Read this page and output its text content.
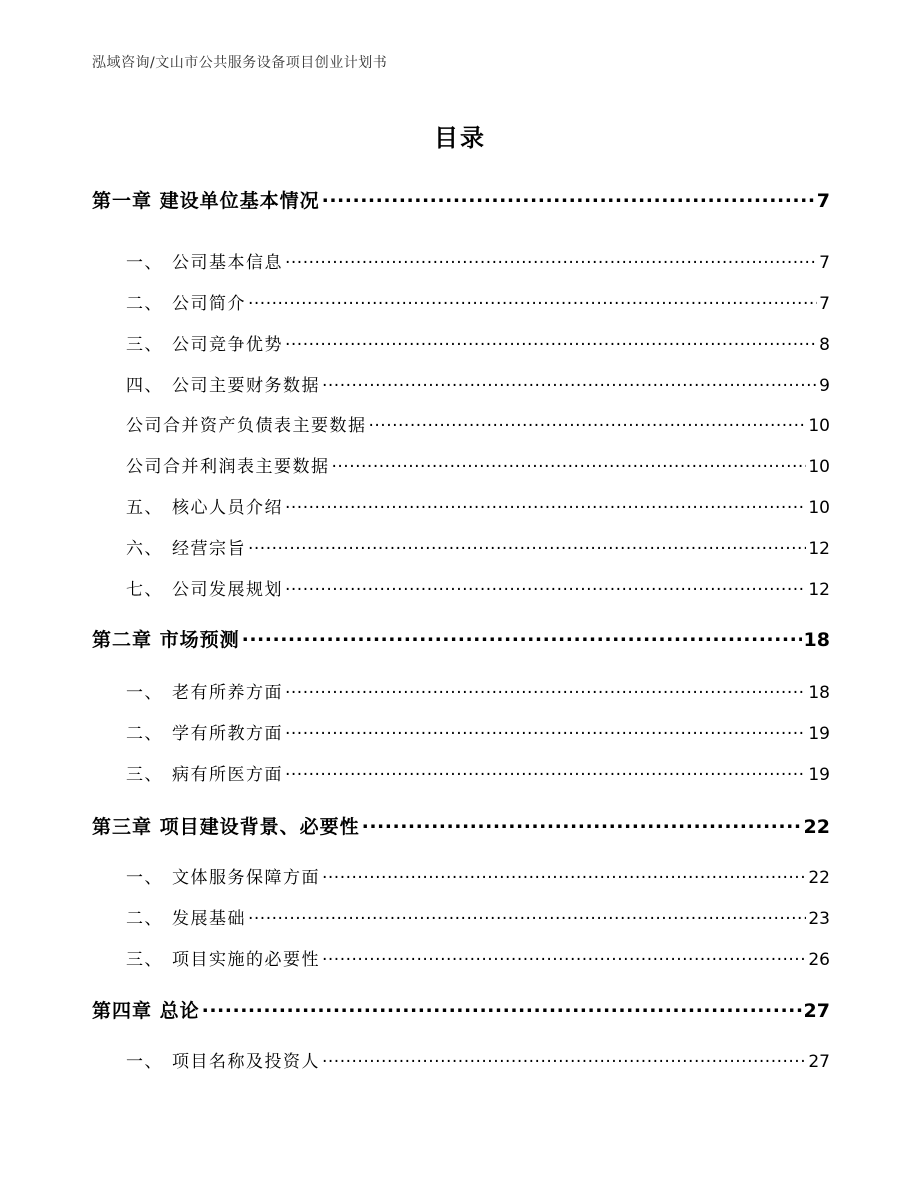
泓域咨询/文山市公共服务设备项目创业计划书
目录
第一章 建设单位基本情况 .....	7
一、 公司基本信息 .....	7
二、 公司简介 .....	7
三、 公司竞争优势 .....	8
四、 公司主要财务数据 .....	9
公司合并资产负债表主要数据 .....	10
公司合并利润表主要数据 .....	10
五、 核心人员介绍 .....	10
六、 经营宗旨 .....	12
七、 公司发展规划 .....	12
第二章 市场预测 .....	18
一、 老有所养方面 .....	18
二、 学有所教方面 .....	19
三、 病有所医方面 .....	19
第三章 项目建设背景、必要性 .....	22
一、 文体服务保障方面 .....	22
二、 发展基础 .....	23
三、 项目实施的必要性 .....	26
第四章 总论 .....	27
一、 项目名称及投资人 .....	27
